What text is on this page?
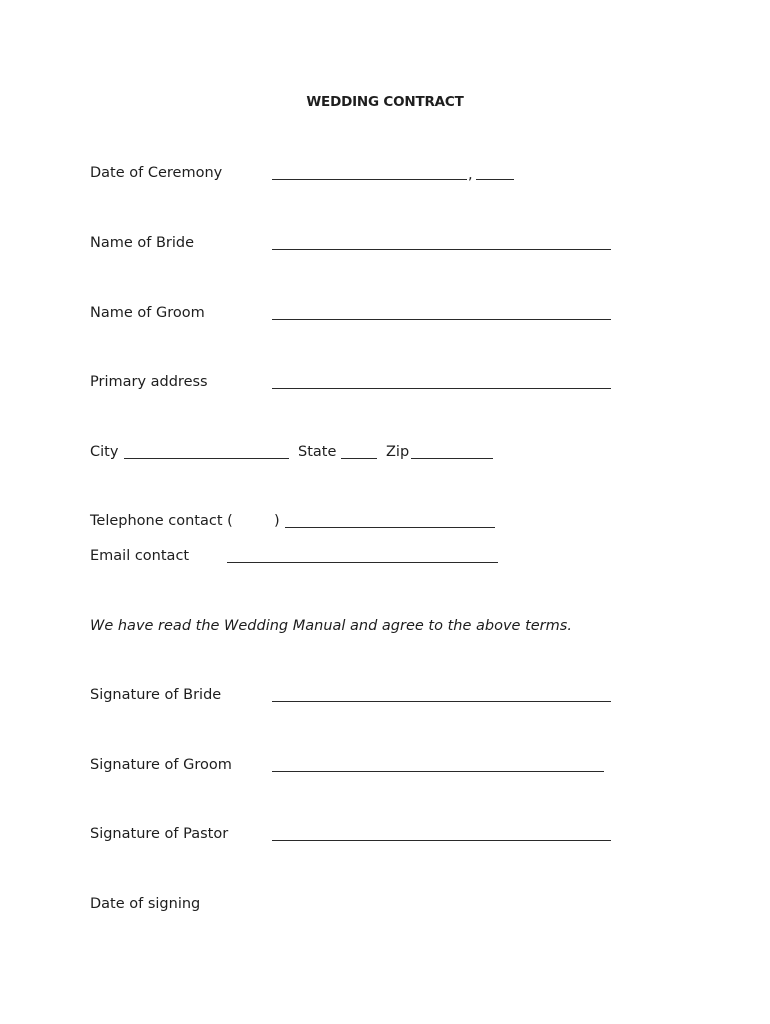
WEDDING CONTRACT
Date of Ceremony	,
Name of Bride
Name of Groom
Primary address
City	State	Zip
Telephone contact (	)
Email contact
We have read the Wedding Manual and agree to the above terms.
Signature of Bride
Signature of Groom
Signature of Pastor
Date of signing
